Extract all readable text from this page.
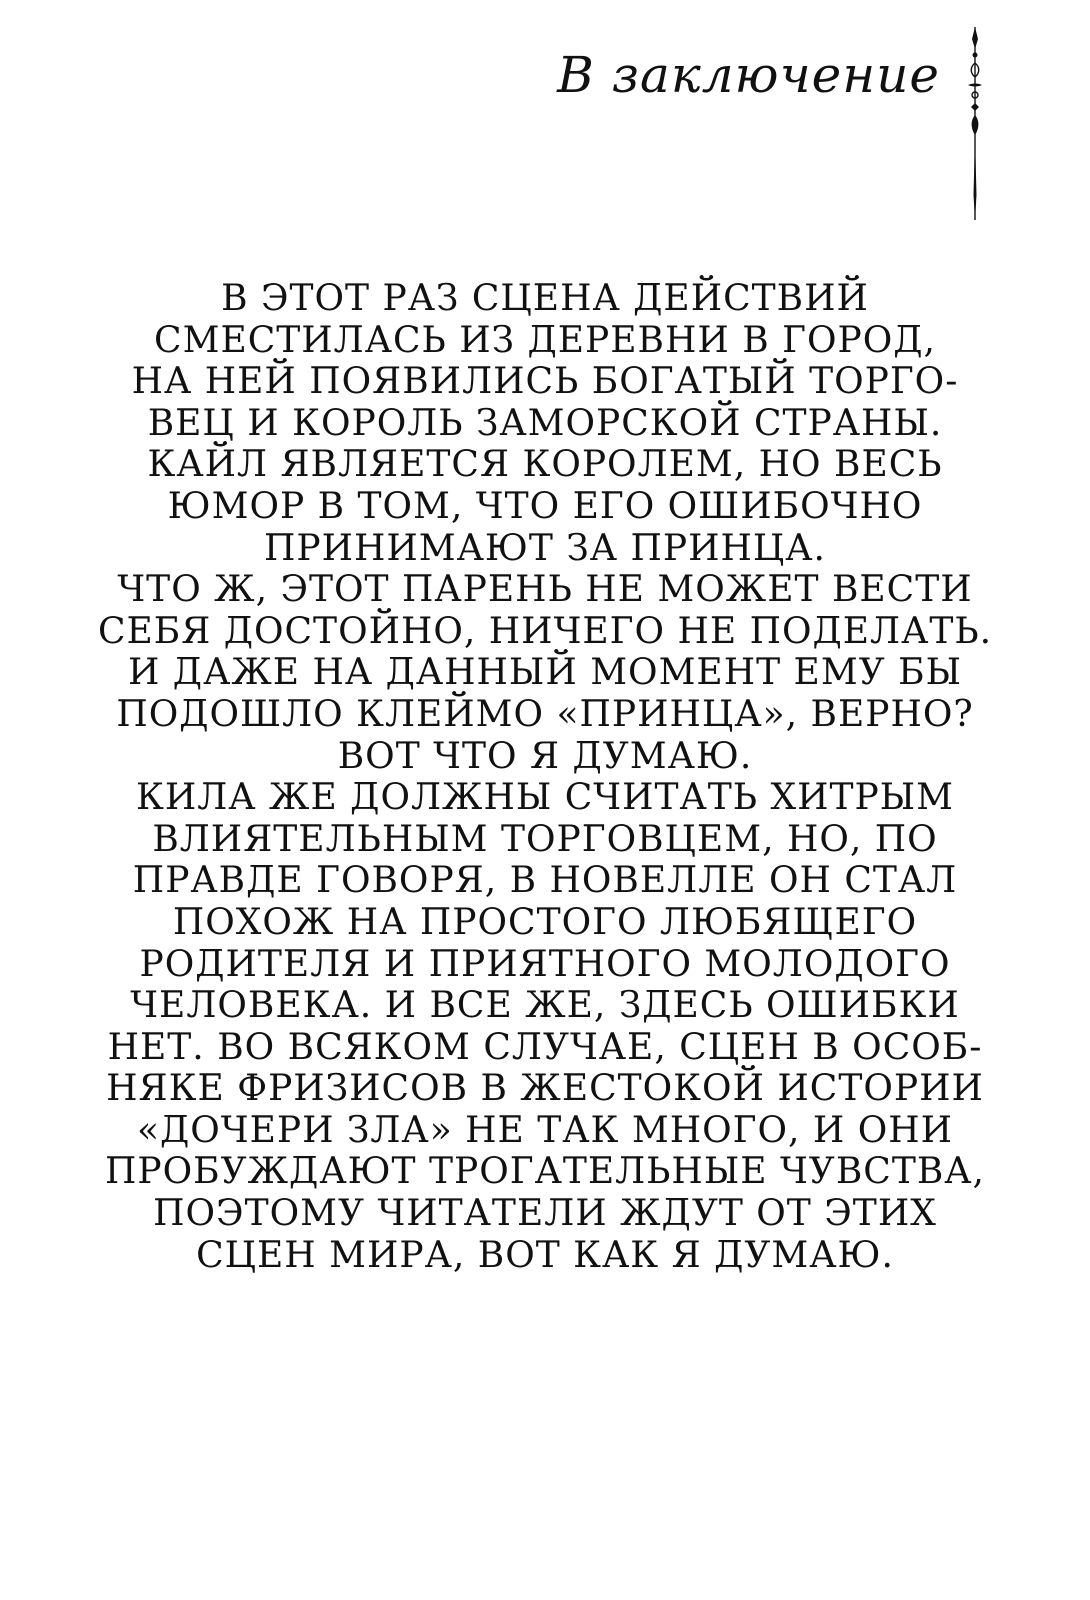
В заключение
В ЭТОТ РАЗ СЦЕНА ДЕЙСТВИЙ
СМЕСТИЛАСЬ ИЗ ДЕРЕВНИ В ГОРОД,
НА НЕЙ ПОЯВИЛИСЬ БОГАТЫЙ ТОРГО-
ВЕЦ И КОРОЛЬ ЗАМОРСКОЙ СТРАНЫ.
КАЙЛ ЯВЛЯЕТСЯ КОРОЛЕМ, НО ВЕСЬ
ЮМОР В ТОМ, ЧТО ЕГО ОШИБОЧНО
ПРИНИМАЮТ ЗА ПРИНЦА.
ЧТО Ж, ЭТОТ ПАРЕНЬ НЕ МОЖЕТ ВЕСТИ
СЕБЯ ДОСТОЙНО, НИЧЕГО НЕ ПОДЕЛАТЬ.
И ДАЖЕ НА ДАННЫЙ МОМЕНТ ЕМУ БЫ
ПОДОШЛО КЛЕЙМО «ПРИНЦА», ВЕРНО?
ВОТ ЧТО Я ДУМАЮ.
КИЛА ЖЕ ДОЛЖНЫ СЧИТАТЬ ХИТРЫМ
ВЛИЯТЕЛЬНЫМ ТОРГОВЦЕМ, НО, ПО
ПРАВДЕ ГОВОРЯ, В НОВЕЛЛЕ ОН СТАЛ
ПОХОЖ НА ПРОСТОГО ЛЮБЯЩЕГО
РОДИТЕЛЯ И ПРИЯТНОГО МОЛОДОГО
ЧЕЛОВЕКА. И ВСЕ ЖЕ, ЗДЕСЬ ОШИБКИ
НЕТ. ВО ВСЯКОМ СЛУЧАЕ, СЦЕН В ОСОБ-
НЯКЕ ФРИЗИСОВ В ЖЕСТОКОЙ ИСТОРИИ
«ДОЧЕРИ ЗЛА» НЕ ТАК МНОГО, И ОНИ
ПРОБУЖДАЮТ ТРОГАТЕЛЬНЫЕ ЧУВСТВА,
ПОЭТОМУ ЧИТАТЕЛИ ЖДУТ ОТ ЭТИХ
СЦЕН МИРА, ВОТ КАК Я ДУМАЮ.
